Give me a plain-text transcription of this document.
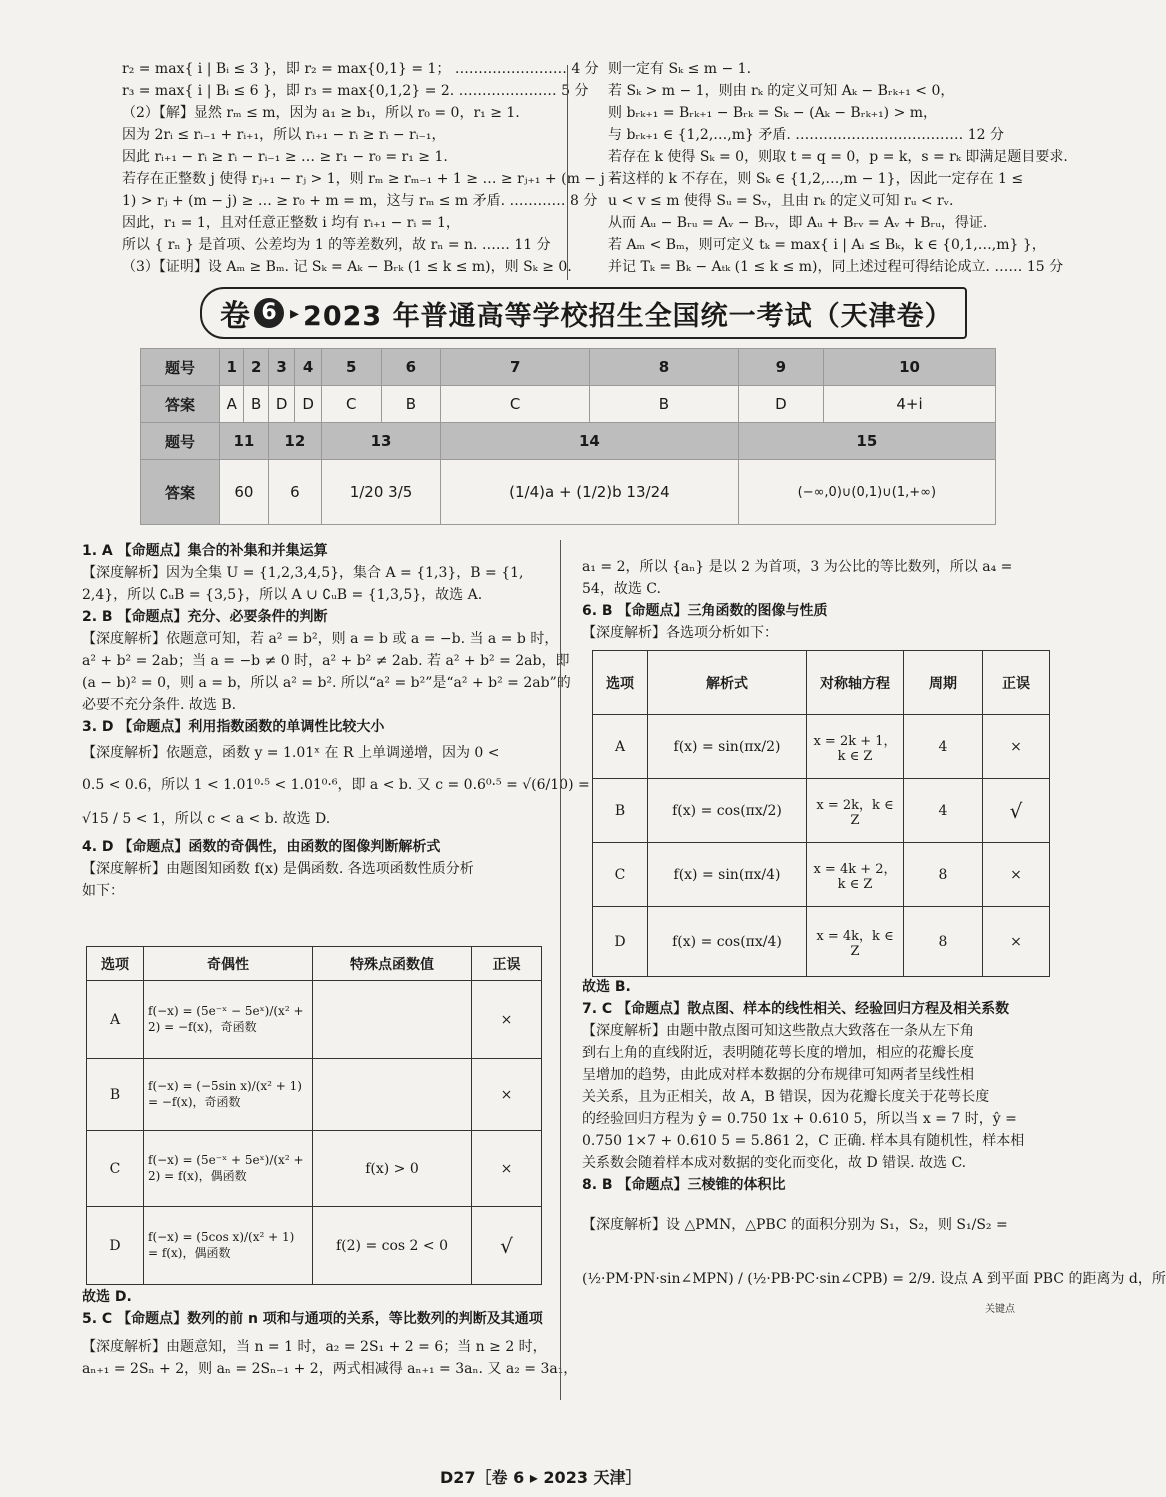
r₂ = max{ i | Bᵢ ≤ 3 }，即 r₂ = max{0,1} = 1； …………………… 4 分
r₃ = max{ i | Bᵢ ≤ 6 }，即 r₃ = max{0,1,2} = 2. ………………… 5 分
（2）【解】显然 rₘ ≤ m，因为 a₁ ≥ b₁，所以 r₀ = 0，r₁ ≥ 1.
因为 2rᵢ ≤ rᵢ₋₁ + rᵢ₊₁，所以 rᵢ₊₁ − rᵢ ≥ rᵢ − rᵢ₋₁，
因此 rᵢ₊₁ − rᵢ ≥ rᵢ − rᵢ₋₁ ≥ … ≥ r₁ − r₀ = r₁ ≥ 1.
若存在正整数 j 使得 rⱼ₊₁ − rⱼ > 1，则 rₘ ≥ rₘ₋₁ + 1 ≥ … ≥ rⱼ₊₁ + (m − j −
1) > rⱼ + (m − j) ≥ … ≥ r₀ + m = m，这与 rₘ ≤ m 矛盾. ………… 8 分
因此，r₁ = 1，且对任意正整数 i 均有 rᵢ₊₁ − rᵢ = 1，
所以 { rₙ } 是首项、公差均为 1 的等差数列，故 rₙ = n. …… 11 分
（3）【证明】设 Aₘ ≥ Bₘ. 记 Sₖ = Aₖ − Bᵣₖ (1 ≤ k ≤ m)，则 Sₖ ≥ 0.
则一定有 Sₖ ≤ m − 1.
若 Sₖ > m − 1，则由 rₖ 的定义可知 Aₖ − Bᵣₖ₊₁ < 0，
则 bᵣₖ₊₁ = Bᵣₖ₊₁ − Bᵣₖ = Sₖ − (Aₖ − Bᵣₖ₊₁) > m，
与 bᵣₖ₊₁ ∈ {1,2,…,m} 矛盾. ……………………………… 12 分
若存在 k 使得 Sₖ = 0，则取 t = q = 0，p = k，s = rₖ 即满足题目要求.
若这样的 k 不存在，则 Sₖ ∈ {1,2,…,m − 1}，因此一定存在 1 ≤
u < v ≤ m 使得 Sᵤ = Sᵥ，且由 rₖ 的定义可知 rᵤ < rᵥ.
从而 Aᵤ − Bᵣᵤ = Aᵥ − Bᵣᵥ，即 Aᵤ + Bᵣᵥ = Aᵥ + Bᵣᵤ，得证.
若 Aₘ < Bₘ，则可定义 tₖ = max{ i | Aᵢ ≤ Bₖ，k ∈ {0,1,…,m} }，
并记 Tₖ = Bₖ − Aₜₖ (1 ≤ k ≤ m)，同上述过程可得结论成立. …… 15 分
卷 6 ▸ 2023 年普通高等学校招生全国统一考试（天津卷）
题号	1	2	3	4	5	6	7	8	9	10
答案	A	B	D	D	C	B	C	B	D	4+i
题号	11		12		13		14		15	
答案	60		6		1/20 3/5		(1/4)a + (1/2)b 13/24		(−∞,0)∪(0,1)∪(1,+∞)	
1. A 【命题点】集合的补集和并集运算
【深度解析】因为全集 U = {1,2,3,4,5}，集合 A = {1,3}，B = {1,
2,4}，所以 ∁ᵤB = {3,5}，所以 A ∪ ∁ᵤB = {1,3,5}，故选 A.
2. B 【命题点】充分、必要条件的判断
【深度解析】依题意可知，若 a² = b²，则 a = b 或 a = −b. 当 a = b 时，
a² + b² = 2ab；当 a = −b ≠ 0 时，a² + b² ≠ 2ab. 若 a² + b² = 2ab，即
(a − b)² = 0，则 a = b，所以 a² = b². 所以“a² = b²”是“a² + b² = 2ab”的
必要不充分条件. 故选 B.
3. D 【命题点】利用指数函数的单调性比较大小
【深度解析】依题意，函数 y = 1.01ˣ 在 R 上单调递增，因为 0 <
0.5 < 0.6，所以 1 < 1.01⁰·⁵ < 1.01⁰·⁶，即 a < b. 又 c = 0.6⁰·⁵ = √(6/10) =
√15 / 5 < 1，所以 c < a < b. 故选 D.
4. D 【命题点】函数的奇偶性，由函数的图像判断解析式
【深度解析】由题图知函数 f(x) 是偶函数. 各选项函数性质分析
如下：
选项	奇偶性	特殊点函数值	正误
A	f(−x) = (5e⁻ˣ − 5eˣ)/(x² + 2) = −f(x)，奇函数		×
B	f(−x) = (−5sin x)/(x² + 1) = −f(x)，奇函数		×
C	f(−x) = (5e⁻ˣ + 5eˣ)/(x² + 2) = f(x)，偶函数	f(x) > 0	×
D	f(−x) = (5cos x)/(x² + 1) = f(x)，偶函数	f(2) = cos 2 < 0	√
故选 D.
5. C 【命题点】数列的前 n 项和与通项的关系，等比数列的判断及其通项
【深度解析】由题意知，当 n = 1 时，a₂ = 2S₁ + 2 = 6；当 n ≥ 2 时，
aₙ₊₁ = 2Sₙ + 2，则 aₙ = 2Sₙ₋₁ + 2，两式相减得 aₙ₊₁ = 3aₙ. 又 a₂ = 3a₁，
a₁ = 2，所以 {aₙ} 是以 2 为首项，3 为公比的等比数列，所以 a₄ =
54，故选 C.
6. B 【命题点】三角函数的图像与性质
【深度解析】各选项分析如下：
选项	解析式	对称轴方程	周期	正误
A	f(x) = sin(πx/2)	x = 2k + 1，k ∈ Z	4	×
B	f(x) = cos(πx/2)	x = 2k，k ∈ Z	4	√
C	f(x) = sin(πx/4)	x = 4k + 2，k ∈ Z	8	×
D	f(x) = cos(πx/4)	x = 4k，k ∈ Z	8	×
故选 B.
7. C 【命题点】散点图、样本的线性相关、经验回归方程及相关系数
【深度解析】由题中散点图可知这些散点大致落在一条从左下角
到右上角的直线附近，表明随花萼长度的增加，相应的花瓣长度
呈增加的趋势，由此成对样本数据的分布规律可知两者呈线性相
关关系，且为正相关，故 A，B 错误，因为花瓣长度关于花萼长度
的经验回归方程为 ŷ = 0.750 1x + 0.610 5，所以当 x = 7 时，ŷ =
0.750 1×7 + 0.610 5 = 5.861 2，C 正确. 样本具有随机性，样本相
关系数会随着样本成对数据的变化而变化，故 D 错误. 故选 C.
8. B 【命题点】三棱锥的体积比
【深度解析】设 △PMN，△PBC 的面积分别为 S₁，S₂，则 S₁/S₂ =
(½·PM·PN·sin∠MPN) / (½·PB·PC·sin∠CPB) = 2/9. 设点 A 到平面 PBC 的距离为 d，所
关键点
D27［卷 6 ▸ 2023 天津］
